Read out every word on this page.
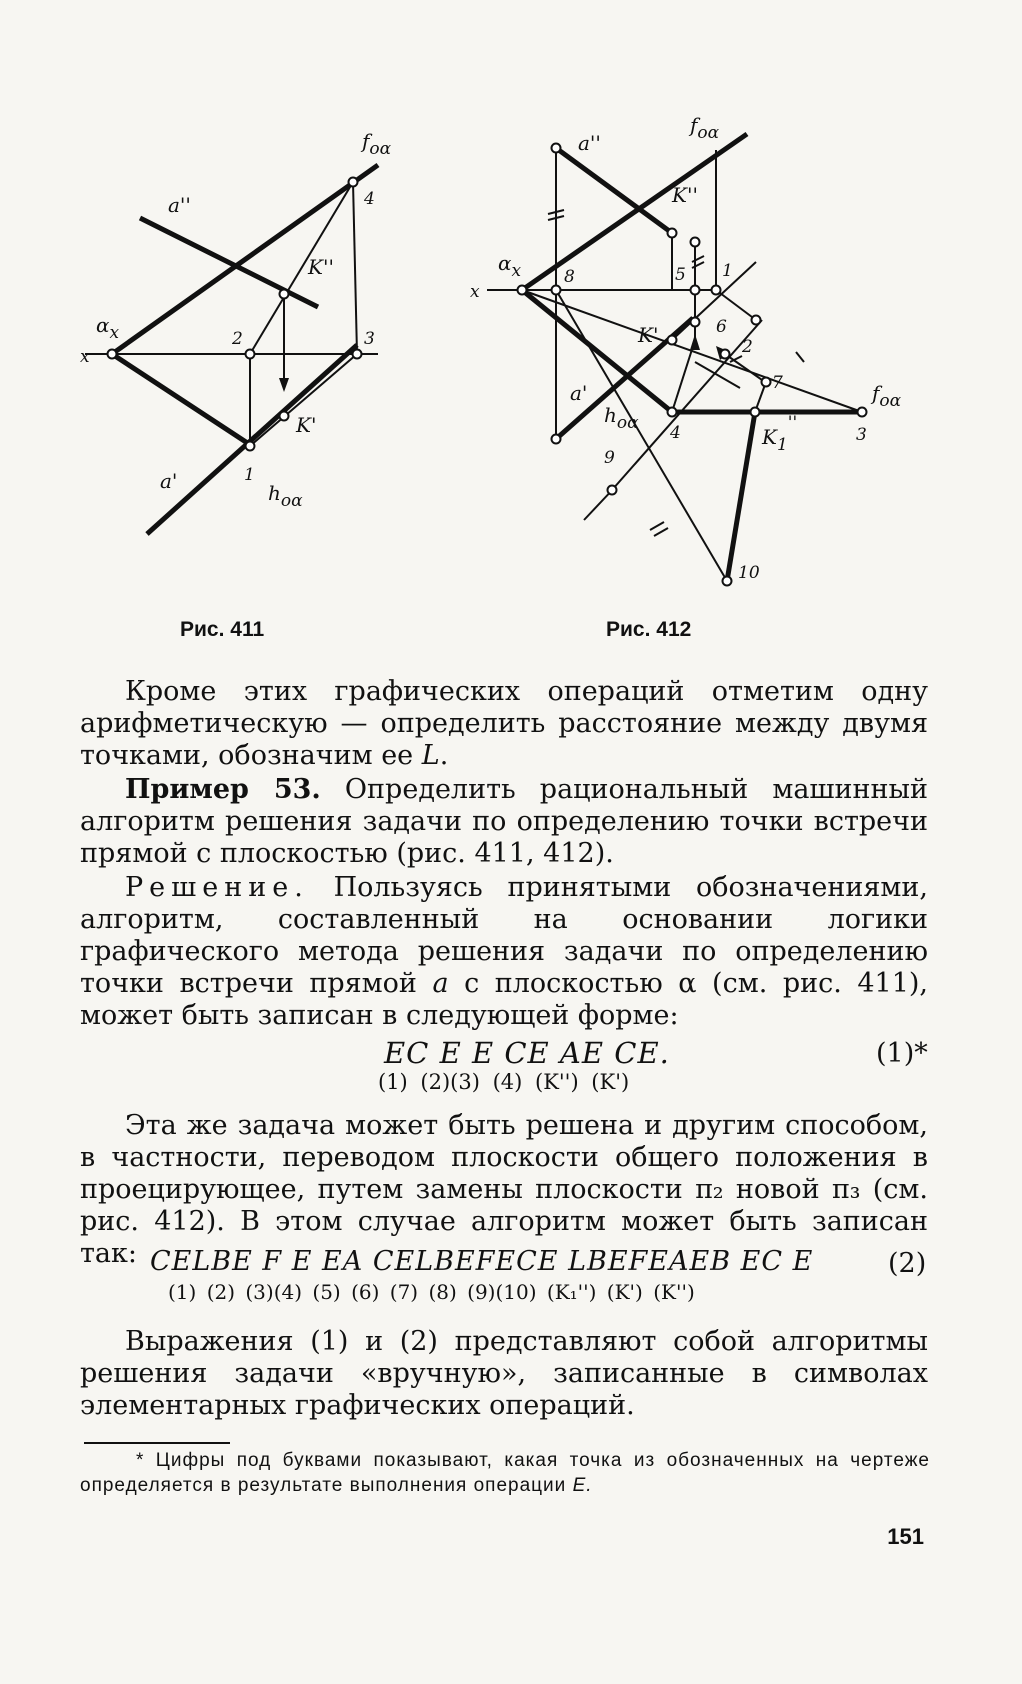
$f_{о\alpha}$
a''	4
K''
$\alpha_x$
x
2	3
K'
a'	1
$h_{o\alpha}$
$f_{o\alpha}$
a''
K''
$\alpha_x$
x
8	5 1
K'	6
2
7
a'
$h_{o\alpha}$ 4	$K_1''$
3
$f_{o\alpha}$
9
10
Рис. 411	Рис. 412

Кроме этих графических операций отметим одну арифметическую — определить расстояние между двумя точками, обозначим ее L.

Пример 53. Определить рациональный машинный алгоритм решения задачи по определению точки встречи прямой с плоскостью (рис. 411, 412).

Решение. Пользуясь принятыми обозначениями, алгоритм, составленный на основании логики графического метода решения задачи по определению точки встречи прямой a с плоскостью α (см. рис. 411), может быть записан в следующей форме:

EC E E CE AE CE.
(1) (2)(3) (4) (K'') (K')
(1)*

Эта же задача может быть решена и другим способом, в частности, переводом плоскости общего положения в проецирующее, путем замены плоскости π₂ новой π₃ (см. рис. 412). В этом случае алгоритм может быть записан так: CELBE F E EA CELBEFECE LBEFEAEB EC E
(1) (2) (3)(4) (5) (6) (7) (8) (9)(10) (K₁'') (K') (K'')
(2)

Выражения (1) и (2) представляют собой алгоритмы решения задачи «вручную», записанные в символах элементарных графических операций.

* Цифры под буквами показывают, какая точка из обозначенных на чертеже определяется в результате выполнения операции E.

151
